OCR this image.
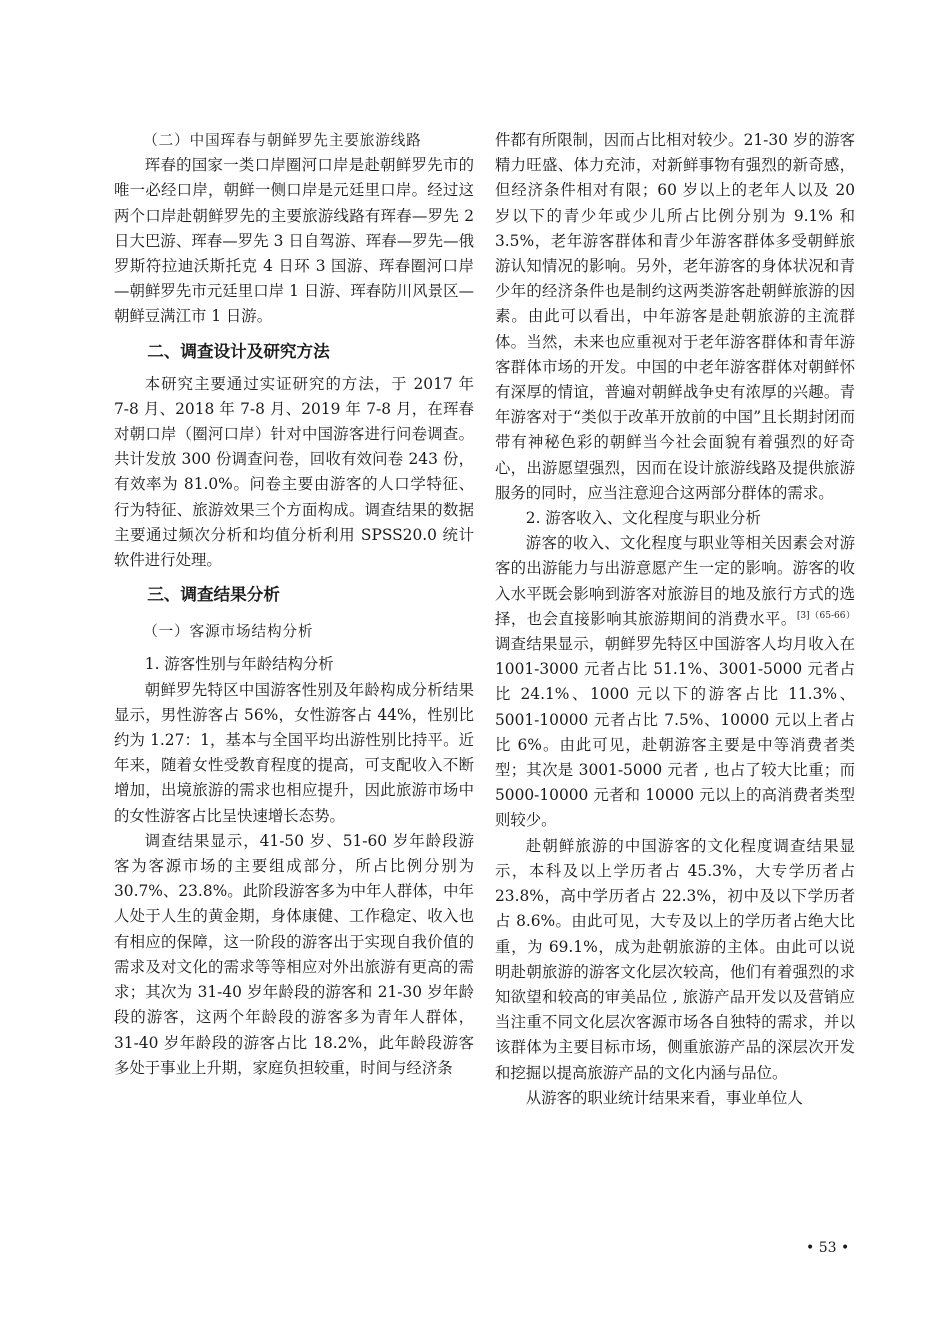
（二）中国珲春与朝鲜罗先主要旅游线路

珲春的国家一类口岸圈河口岸是赴朝鲜罗先市的唯一必经口岸，朝鲜一侧口岸是元廷里口岸。经过这两个口岸赴朝鲜罗先的主要旅游线路有珲春—罗先 2 日大巴游、珲春—罗先 3 日自驾游、珲春—罗先—俄罗斯符拉迪沃斯托克 4 日环 3 国游、珲春圈河口岸—朝鲜罗先市元廷里口岸 1 日游、珲春防川风景区—朝鲜豆满江市 1 日游。

二、调查设计及研究方法

本研究主要通过实证研究的方法，于 2017 年 7-8 月、2018 年 7-8 月、2019 年 7-8 月，在珲春对朝口岸（圈河口岸）针对中国游客进行问卷调查。共计发放 300 份调查问卷，回收有效问卷 243 份，有效率为 81.0%。问卷主要由游客的人口学特征、行为特征、旅游效果三个方面构成。调查结果的数据主要通过频次分析和均值分析利用 SPSS20.0 统计软件进行处理。

三、调查结果分析

（一）客源市场结构分析

1. 游客性别与年龄结构分析

朝鲜罗先特区中国游客性别及年龄构成分析结果显示，男性游客占 56%，女性游客占 44%，性别比约为 1.27：1，基本与全国平均出游性别比持平。近年来，随着女性受教育程度的提高，可支配收入不断增加，出境旅游的需求也相应提升，因此旅游市场中的女性游客占比呈快速增长态势。

调查结果显示，41-50 岁、51-60 岁年龄段游客为客源市场的主要组成部分，所占比例分别为 30.7%、23.8%。此阶段游客多为中年人群体，中年人处于人生的黄金期，身体康健、工作稳定、收入也有相应的保障，这一阶段的游客出于实现自我价值的需求及对文化的需求等等相应对外出旅游有更高的需求；其次为 31-40 岁年龄段的游客和 21-30 岁年龄段的游客，这两个年龄段的游客多为青年人群体，31-40 岁年龄段的游客占比 18.2%，此年龄段游客多处于事业上升期，家庭负担较重，时间与经济条

件都有所限制，因而占比相对较少。21-30 岁的游客精力旺盛、体力充沛，对新鲜事物有强烈的新奇感，但经济条件相对有限；60 岁以上的老年人以及 20 岁以下的青少年或少儿所占比例分别为 9.1% 和 3.5%，老年游客群体和青少年游客群体多受朝鲜旅游认知情况的影响。另外，老年游客的身体状况和青少年的经济条件也是制约这两类游客赴朝鲜旅游的因素。由此可以看出，中年游客是赴朝旅游的主流群体。当然，未来也应重视对于老年游客群体和青年游客群体市场的开发。中国的中老年游客群体对朝鲜怀有深厚的情谊，普遍对朝鲜战争史有浓厚的兴趣。青年游客对于“类似于改革开放前的中国”且长期封闭而带有神秘色彩的朝鲜当今社会面貌有着强烈的好奇心，出游愿望强烈，因而在设计旅游线路及提供旅游服务的同时，应当注意迎合这两部分群体的需求。

2. 游客收入、文化程度与职业分析

游客的收入、文化程度与职业等相关因素会对游客的出游能力与出游意愿产生一定的影响。游客的收入水平既会影响到游客对旅游目的地及旅行方式的选择，也会直接影响其旅游期间的消费水平。$^{[3](65-66)}$调查结果显示，朝鲜罗先特区中国游客人均月收入在 1001-3000 元者占比 51.1%、3001-5000 元者占比 24.1%、1000 元以下的游客占比 11.3%、5001-10000 元者占比 7.5%、10000 元以上者占比 6%。由此可见，赴朝游客主要是中等消费者类型；其次是 3001-5000 元者 , 也占了较大比重；而 5000-10000 元者和 10000 元以上的高消费者类型则较少。

赴朝鲜旅游的中国游客的文化程度调查结果显示，本科及以上学历者占 45.3%，大专学历者占 23.8%，高中学历者占 22.3%，初中及以下学历者占 8.6%。由此可见，大专及以上的学历者占绝大比重，为 69.1%，成为赴朝旅游的主体。由此可以说明赴朝旅游的游客文化层次较高，他们有着强烈的求知欲望和较高的审美品位 , 旅游产品开发以及营销应当注重不同文化层次客源市场各自独特的需求，并以该群体为主要目标市场，侧重旅游产品的深层次开发和挖掘以提高旅游产品的文化内涵与品位。

从游客的职业统计结果来看，事业单位人

• 53 •
